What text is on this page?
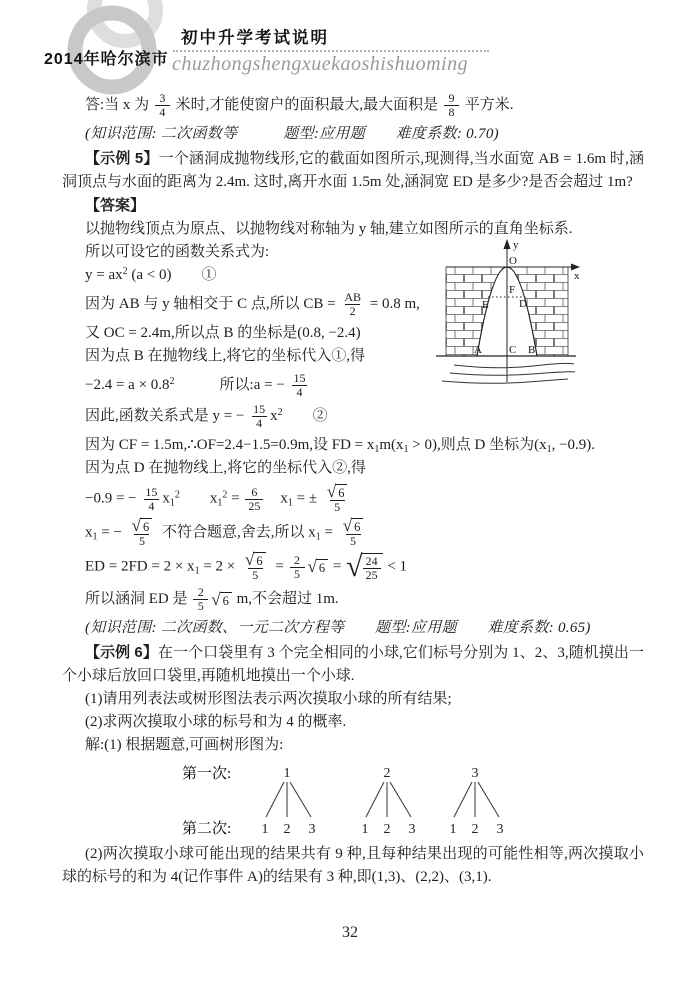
2014年哈尔滨市
初中升学考试说明
chuzhongshengxuekaoshishuoming

答:当 x 为 $\frac{3}{4}$ 米时,才能使窗户的面积最大,最大面积是 $\frac{9}{8}$ 平方米.

(知识范围: 二次函数等　　　题型:应用题　　难度系数: 0.70)

【示例 5】一个涵洞成抛物线形,它的截面如图所示,现测得,当水面宽 AB = 1.6m 时,涵洞顶点与水面的距离为 2.4m. 这时,离开水面 1.5m 处,涵洞宽 ED 是多少?是否会超过 1m?

【答案】

以抛物线顶点为原点、以抛物线对称轴为 y 轴,建立如图所示的直角坐标系.

所以可设它的函数关系式为:

$y = ax^2$ (a < 0)　　①

因为 AB 与 y 轴相交于 C 点,所以 CB = $\frac{AB}{2} = 0.8$ m,

又 OC = 2.4m,所以点 B 的坐标是(0.8, −2.4)

因为点 B 在抛物线上,将它的坐标代入①,得

$-2.4 = a \times 0.8^2$　　　所以:a = − $\frac{15}{4}$

因此,函数关系式是 y = − $\frac{15}{4} x^2$　　②

因为 CF = 1.5m,∴OF=2.4−1.5=0.9m,设 FD = $x_1m(x_1 > 0)$,则点 D 坐标为($x_1$, −0.9).

因为点 D 在抛物线上,将它的坐标代入②,得

−0.9 = − $\frac{15}{4} x_1^2$　　$x_1^2 = \frac{6}{25}$ 　$x_1$ = ± $\frac{√ 6}{5}$

$x_1$ = − $\frac{√ 6}{5}$ 不符合题意,舍去,所以 $x_1 = \frac{√ 6}{5}$

ED = $2FD = 2 \times x_1 = 2 \times \frac{√ 6}{5} = \frac{2}{5}$ √ 6 = √ $\frac{24}{25} < 1$

所以涵洞 ED 是 $\frac{2}{5}$ √ 6 m,不会超过 1m.

(知识范围: 二次函数、一元二次方程等　　题型:应用题　　难度系数: 0.65)

【示例 6】在一个口袋里有 3 个完全相同的小球,它们标号分别为 1、2、3,随机摸出一个小球后放回口袋里,再随机地摸出一个小球.

(1)请用列表法或树形图法表示两次摸取小球的所有结果;

(2)求两次摸取小球的标号和为 4 的概率.

解:(1) 根据题意,可画树形图为:

第一次:
第二次:
1	2	3
1 2 3	1 2 3 1 2 3

(2)两次摸取小球可能出现的结果共有 9 种,且每种结果出现的可能性相等,两次摸取小球的标号的和为 4(记作事件 A)的结果有 3 种,即(1,3)、(2,2)、(3,1).

y
x
O
F
E	D
A C B
32
